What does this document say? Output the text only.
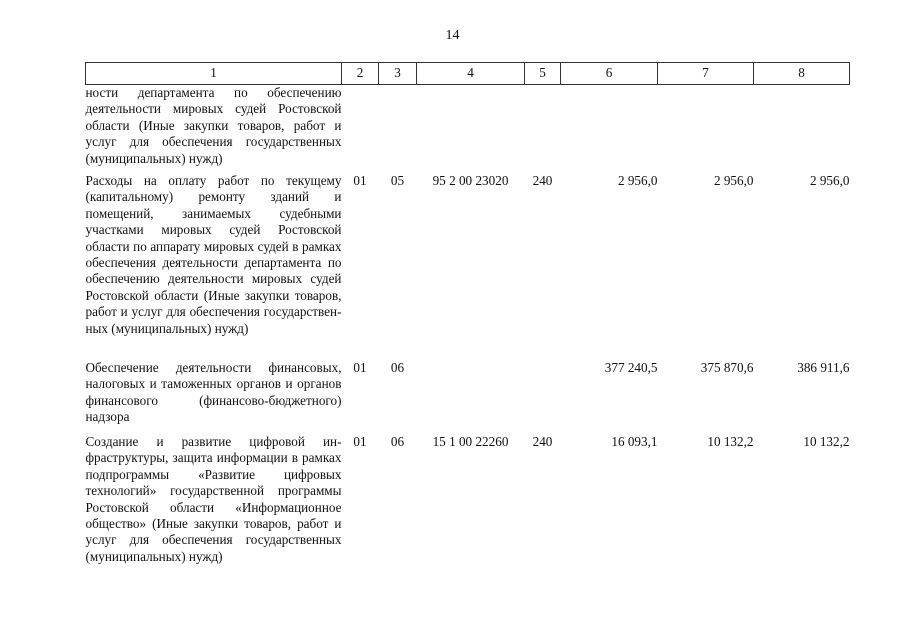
14
1	2	3	4	5	6	7	8
ности департамента по обеспечению деятельности мировых судей Ростовской области (Иные закупки товаров, работ и услуг для обеспечения государственных (муниципальных) нужд)							
Расходы на оплату работ по текущему (капитальному) ремонту зданий и помещений, занимаемых судебными участками мировых судей Ростовской области по аппарату мировых судей в рамках обеспечения деятельности департамента по обеспечению деятельности мировых судей Ростовской области (Иные закупки товаров, работ и услуг для обеспечения государственных (муниципальных) нужд)	01	05	95 2 00 23020	240	2 956,0	2 956,0	2 956,0
Обеспечение деятельности финансовых, налоговых и таможенных органов и органов финансового (финансово-бюджетного) надзора	01	06			377 240,5	375 870,6	386 911,6
Создание и развитие цифровой инфраструктуры, защита информации в рамках подпрограммы «Развитие цифровых технологий» государственной программы Ростовской области «Информационное общество» (Иные закупки товаров, работ и услуг для обеспечения государственных (муниципальных) нужд)	01	06	15 1 00 22260	240	16 093,1	10 132,2	10 132,2
